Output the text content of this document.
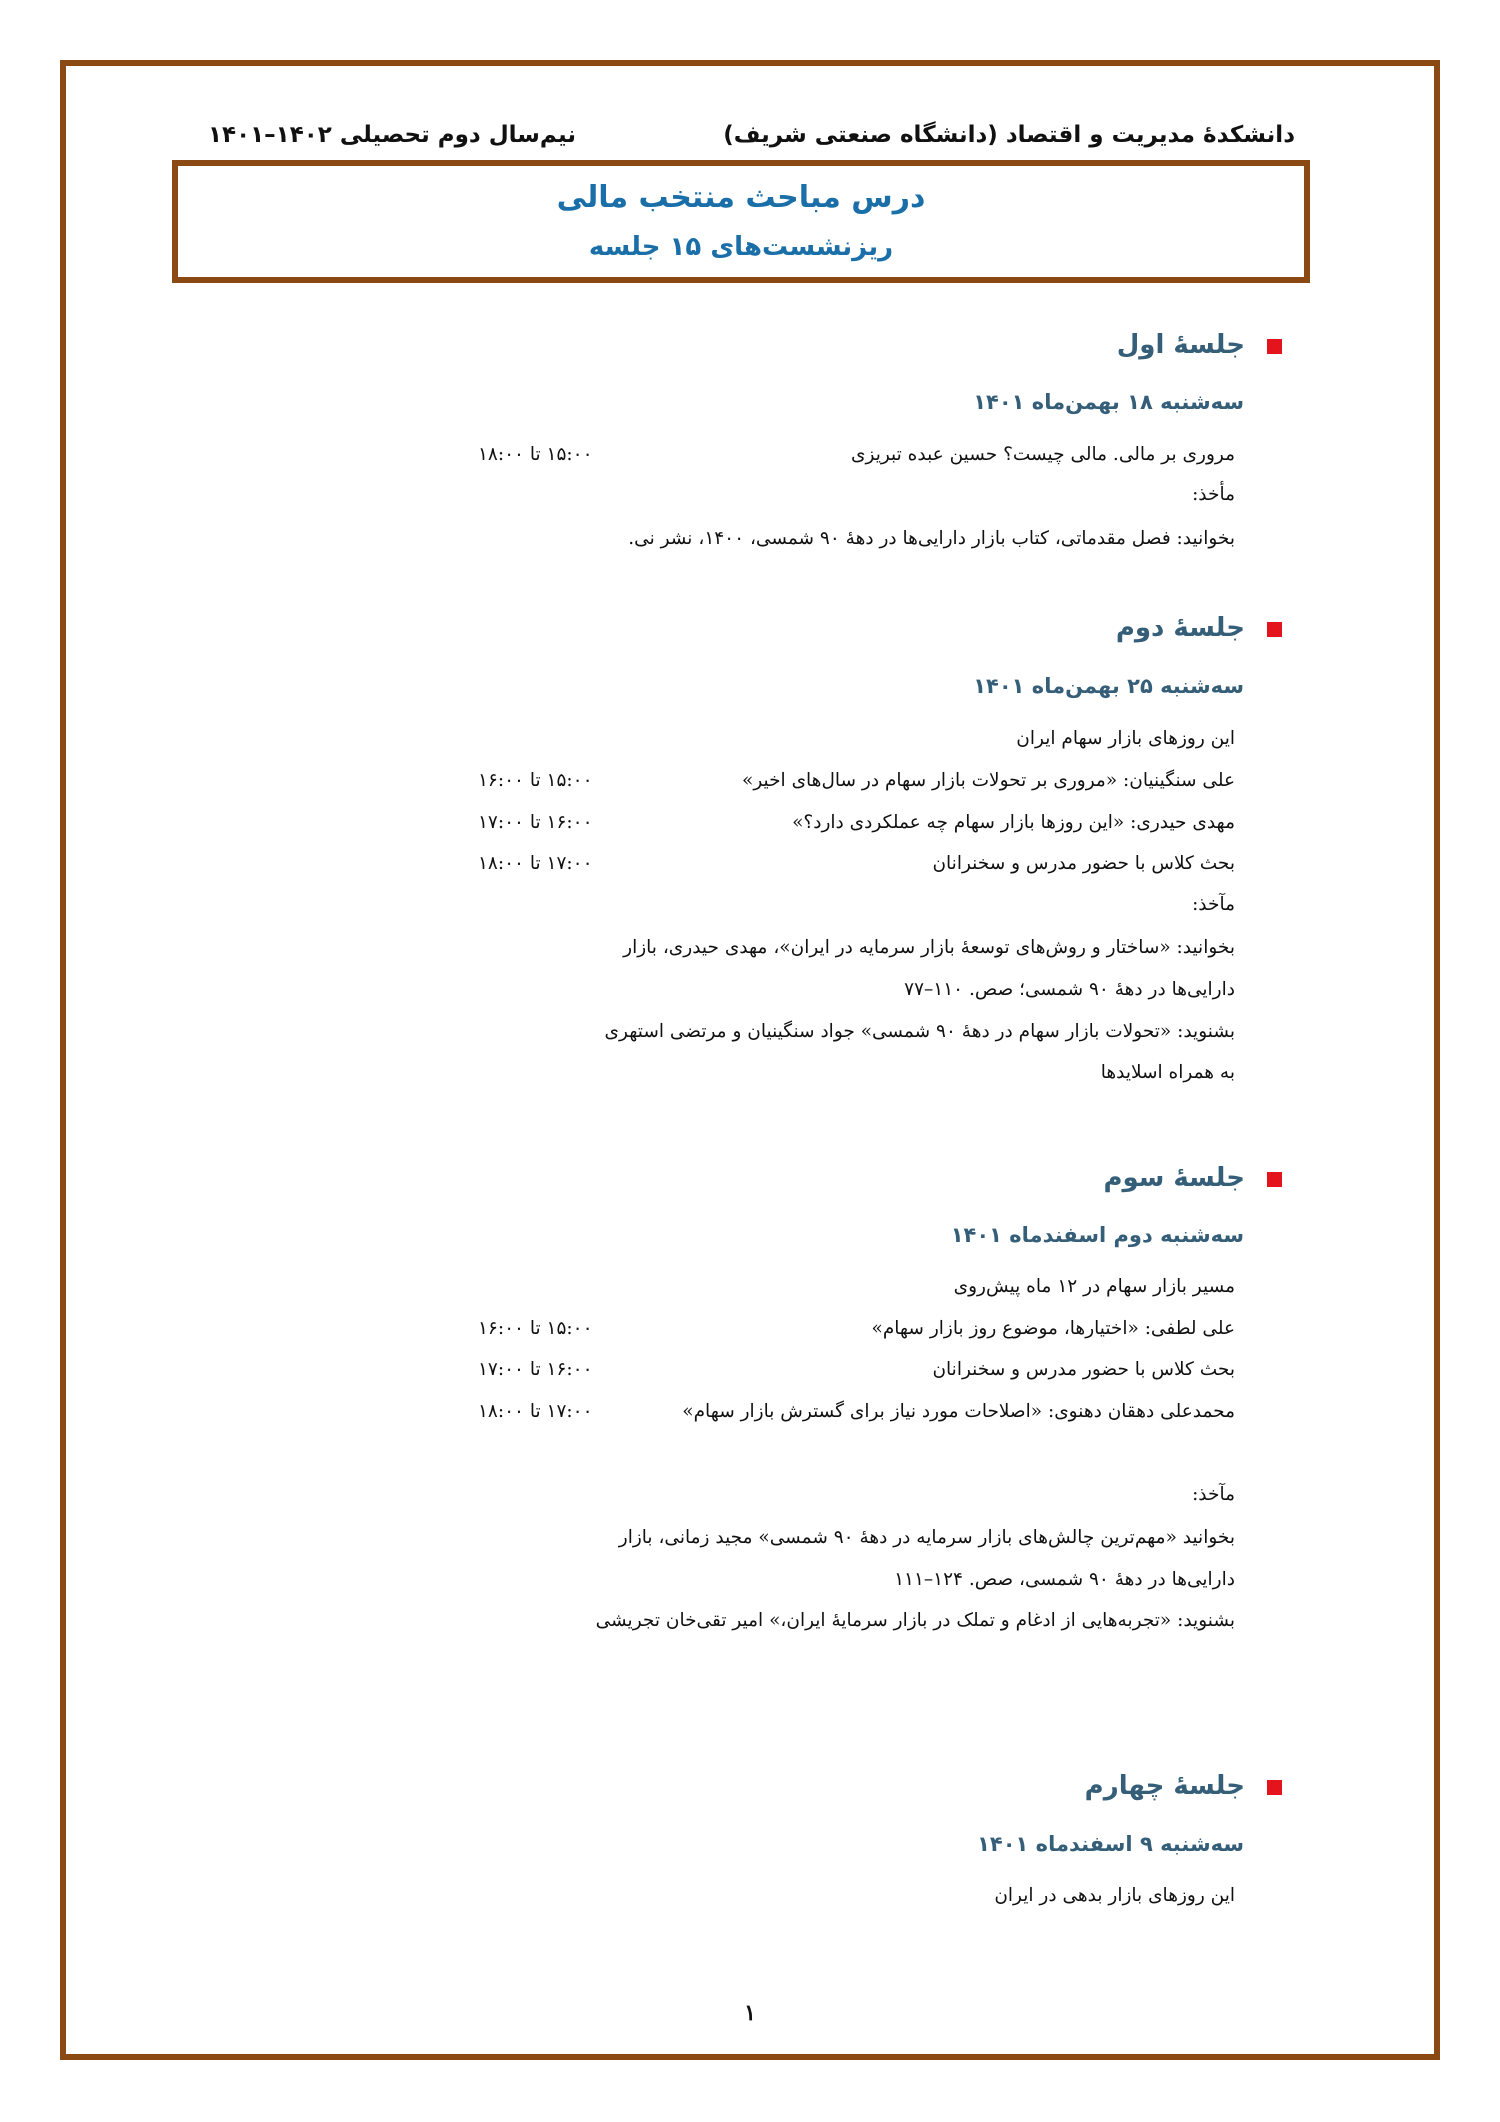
دانشکدهٔ مدیریت و اقتصاد (دانشگاه صنعتی شریف)
نیم‌سال دوم تحصیلی ۱۴۰۲–۱۴۰۱
درس مباحث منتخب مالی
ریزنشست‌های ۱۵ جلسه
جلسهٔ اول
سه‌شنبه ۱۸ بهمن‌ماه ۱۴۰۱
مروری بر مالی. مالی چیست؟ حسین عبده تبریزی
۱۵:۰۰ تا ۱۸:۰۰
مأخذ:
بخوانید: فصل مقدماتی، کتاب بازار دارایی‌ها در دههٔ ۹۰ شمسی، ۱۴۰۰، نشر نی.
جلسهٔ دوم
سه‌شنبه ۲۵ بهمن‌ماه ۱۴۰۱
این روزهای بازار سهام ایران
علی سنگینیان: «مروری بر تحولات بازار سهام در سال‌های اخیر»
۱۵:۰۰ تا ۱۶:۰۰
مهدی حیدری: «این روزها بازار سهام چه عملکردی دارد؟»
۱۶:۰۰ تا ۱۷:۰۰
بحث کلاس با حضور مدرس و سخنرانان
۱۷:۰۰ تا ۱۸:۰۰
مآخذ:
بخوانید: «ساختار و روش‌های توسعهٔ بازار سرمایه در ایران»، مهدی حیدری، بازار
دارایی‌ها در دههٔ ۹۰ شمسی؛ صص. ۱۱۰–۷۷
بشنوید: «تحولات بازار سهام در دههٔ ۹۰ شمسی» جواد سنگینیان و مرتضی استهری
به همراه اسلایدها
جلسهٔ سوم
سه‌شنبه دوم اسفندماه ۱۴۰۱
مسیر بازار سهام در ۱۲ ماه پیش‌روی
علی لطفی: «اختیارها، موضوع روز بازار سهام»
۱۵:۰۰ تا ۱۶:۰۰
بحث کلاس با حضور مدرس و سخنرانان
۱۶:۰۰ تا ۱۷:۰۰
محمدعلی دهقان دهنوی: «اصلاحات مورد نیاز برای گسترش بازار سهام»
۱۷:۰۰ تا ۱۸:۰۰
مآخذ:
بخوانید «مهم‌ترین چالش‌های بازار سرمایه در دههٔ ۹۰ شمسی» مجید زمانی، بازار
دارایی‌ها در دههٔ ۹۰ شمسی، صص. ۱۲۴–۱۱۱
بشنوید: «تجربه‌هایی از ادغام و تملک در بازار سرمایهٔ ایران،» امیر تقی‌خان تجریشی
جلسهٔ چهارم
سه‌شنبه ۹ اسفندماه ۱۴۰۱
این روزهای بازار بدهی در ایران
۱
